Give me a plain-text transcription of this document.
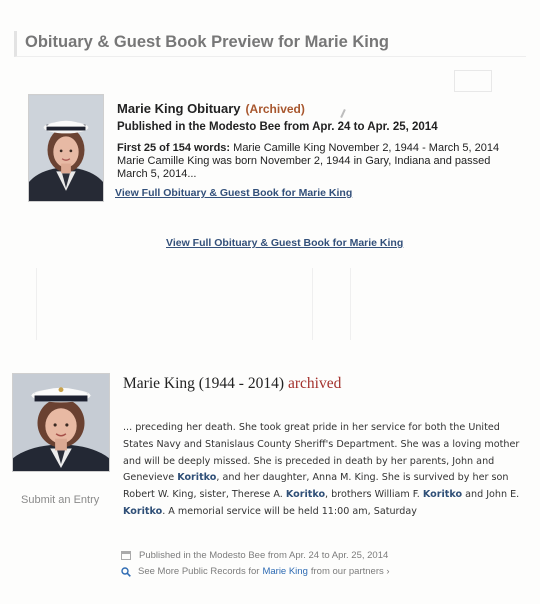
Obituary & Guest Book Preview for Marie King
Marie King Obituary (Archived)
Published in the Modesto Bee from Apr. 24 to Apr. 25, 2014
First 25 of 154 words: Marie Camille King November 2, 1944 - March 5, 2014 Marie Camille King was born November 2, 1944 in Gary, Indiana and passed March 5, 2014...
View Full Obituary & Guest Book for Marie King
View Full Obituary & Guest Book for Marie King
Marie King (1944 - 2014) archived
... preceding her death. She took great pride in her service for both the United States Navy and Stanislaus County Sheriff's Department. She was a loving mother and will be deeply missed. She is preceded in death by her parents, John and Genevieve Koritko, and her daughter, Anna M. King. She is survived by her son Robert W. King, sister, Therese A. Koritko, brothers William F. Koritko and John E. Koritko. A memorial service will be held 11:00 am, Saturday
Submit an Entry
Published in the Modesto Bee from Apr. 24 to Apr. 25, 2014
See More Public Records for Marie King from our partners ›
